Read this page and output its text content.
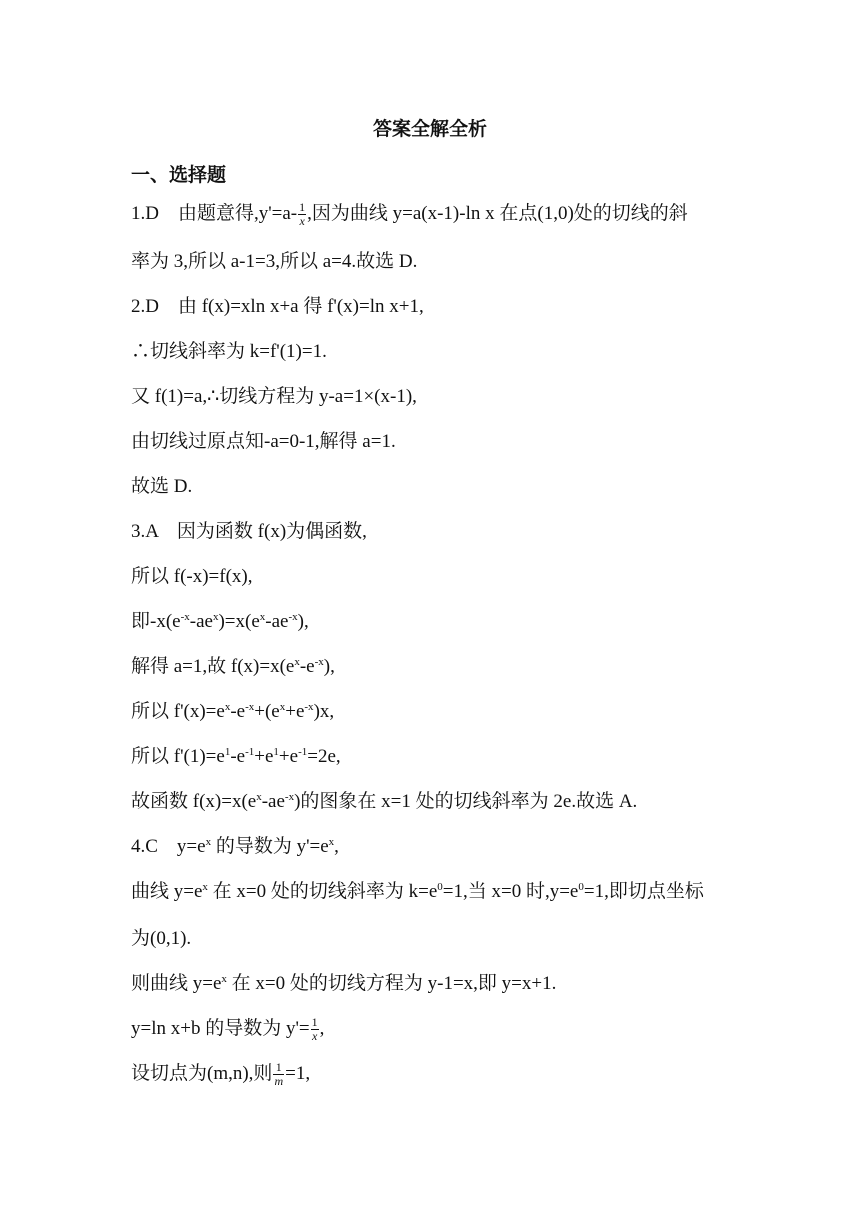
答案全解全析
一、选择题
1.D　由题意得$,y'=a- \frac{1}{x}$ ,因为曲线 y=a(x-1)-ln x 在点(1,0)处的切线的斜
率为 3,所以 a-1=3,所以 a=4.故选 D.
2.D　由 f(x)=xln x+a 得 f'(x)=ln x+1,
∴切线斜率为 k=f'(1)=1.
又 f(1)=a,∴切线方程为 y-a=1×(x-1),
由切线过原点知-a=0-1,解得 a=1.
故选 D.
3.A　因为函数 f(x)为偶函数,
所以 f(-x)=f(x),
即$-x(e^{-x}-ae^x)=x(e^x-ae^{-x})$,
解得 a=1,故 $f(x)=x(e^x-e^{-x})$,
所以 $f'(x)=e^x-e^{-x}+(e^x+e^{-x})x$,
所以 $f'(1)=e^1-e^{-1}+e^1+e^{-1}=2e$,
故函数 $f(x)=x(e^x-ae^{-x})$的图象在 x=1 处的切线斜率为 2e.故选 A.
4.C　$y=e^x$ 的导数为 $y'=e^x$,
曲线 $y=e^x$ 在 x=0 处的切线斜率为 $k=e^0=1$,当 x=0 时$,y=e^0=1$,即切点坐标
为(0,1).
则曲线 $y=e^x$ 在 x=0 处的切线方程为 y-1=x,即 y=x+1.
y=ln x+b 的导数为 $y'= \frac{1}{x}$ ,
设切点为(m,n),则 $\frac{1}{m} =1$,
